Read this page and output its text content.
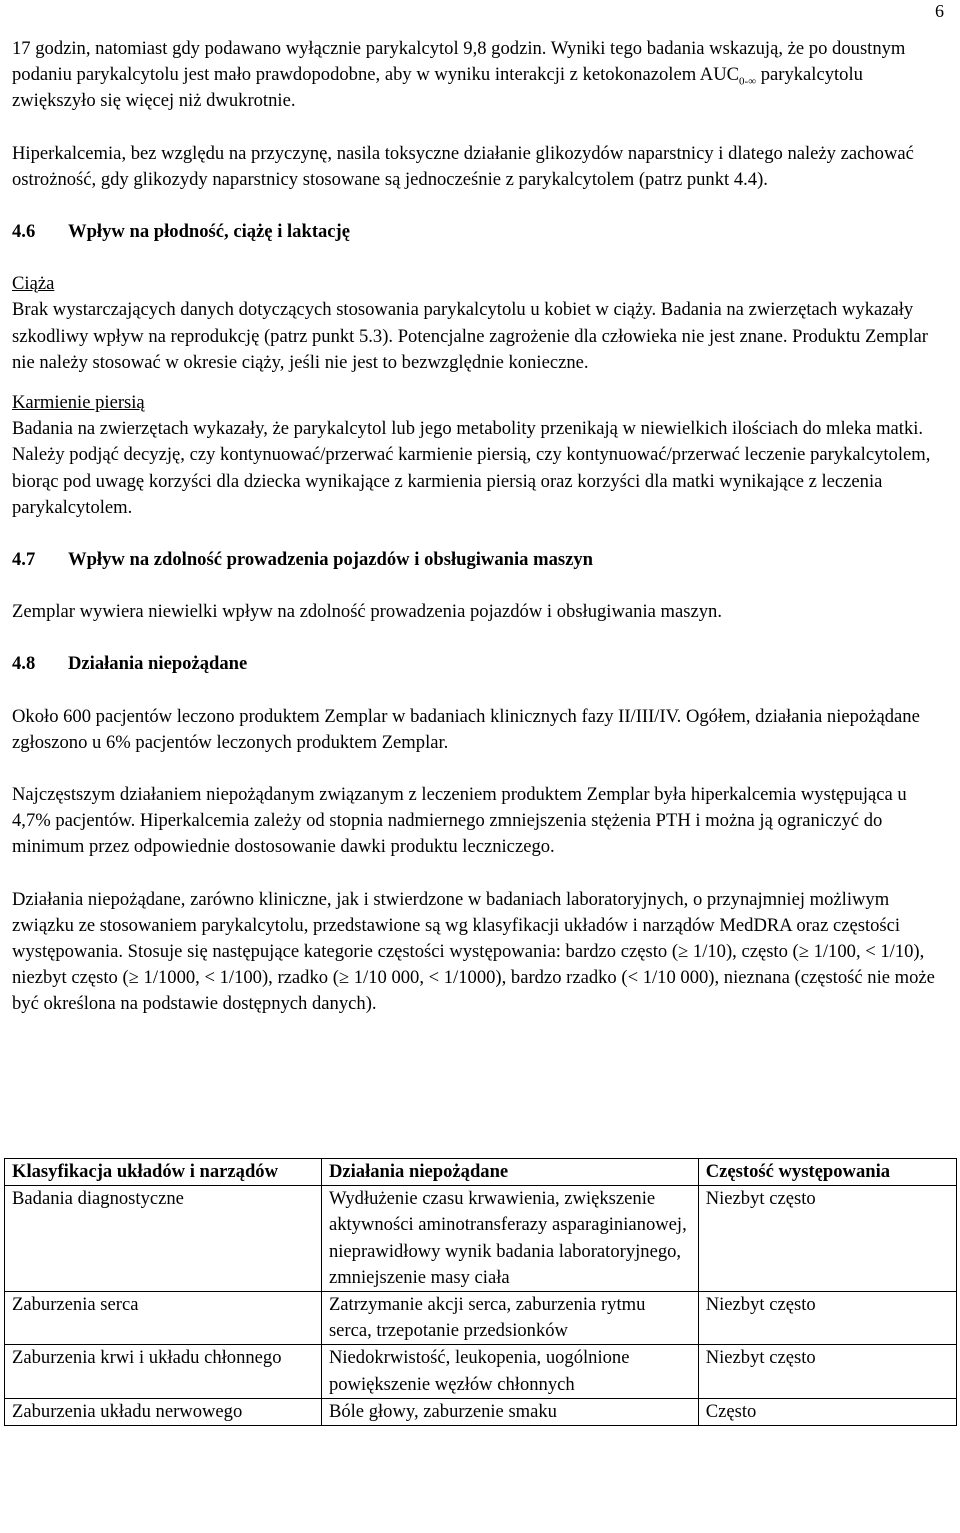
6

17 godzin, natomiast gdy podawano wyłącznie parykalcytol 9,8 godzin. Wyniki tego badania wskazują, że po doustnym podaniu parykalcytolu jest mało prawdopodobne, aby w wyniku interakcji z ketokonazolem $AUC_{0-\infty}$ parykalcytolu zwiększyło się więcej niż dwukrotnie.

Hiperkalcemia, bez względu na przyczynę, nasila toksyczne działanie glikozydów naparstnicy i dlatego należy zachować ostrożność, gdy glikozydy naparstnicy stosowane są jednocześnie z parykalcytolem (patrz punkt 4.4).

4.6 Wpływ na płodność, ciążę i laktację

Ciąża

Brak wystarczających danych dotyczących stosowania parykalcytolu u kobiet w ciąży. Badania na zwierzętach wykazały szkodliwy wpływ na reprodukcję (patrz punkt 5.3). Potencjalne zagrożenie dla człowieka nie jest znane. Produktu Zemplar nie należy stosować w okresie ciąży, jeśli nie jest to bezwzględnie konieczne.

Karmienie piersią

Badania na zwierzętach wykazały, że parykalcytol lub jego metabolity przenikają w niewielkich ilościach do mleka matki. Należy podjąć decyzję, czy kontynuować/przerwać karmienie piersią, czy kontynuować/przerwać leczenie parykalcytolem, biorąc pod uwagę korzyści dla dziecka wynikające z karmienia piersią oraz korzyści dla matki wynikające z leczenia parykalcytolem.

4.7 Wpływ na zdolność prowadzenia pojazdów i obsługiwania maszyn

Zemplar wywiera niewielki wpływ na zdolność prowadzenia pojazdów i obsługiwania maszyn.

4.8 Działania niepożądane

Około 600 pacjentów leczono produktem Zemplar w badaniach klinicznych fazy II/III/IV. Ogółem, działania niepożądane zgłoszono u 6% pacjentów leczonych produktem Zemplar.

Najczęstszym działaniem niepożądanym związanym z leczeniem produktem Zemplar była hiperkalcemia występująca u 4,7% pacjentów. Hiperkalcemia zależy od stopnia nadmiernego zmniejszenia stężenia PTH i można ją ograniczyć do minimum przez odpowiednie dostosowanie dawki produktu leczniczego.

Działania niepożądane, zarówno kliniczne, jak i stwierdzone w badaniach laboratoryjnych, o przynajmniej możliwym związku ze stosowaniem parykalcytolu, przedstawione są wg klasyfikacji układów i narządów MedDRA oraz częstości występowania. Stosuje się następujące kategorie częstości występowania: bardzo często (≥ 1/10), często (≥ 1/100, < 1/10), niezbyt często (≥ 1/1000, < 1/100), rzadko (≥ 1/10 000, < 1/1000), bardzo rzadko (< 1/10 000), nieznana (częstość nie może być określona na podstawie dostępnych danych).

Klasyfikacja układów i narządów	Działania niepożądane	Częstość występowania
Badania diagnostyczne	Wydłużenie czasu krwawienia, zwiększenie aktywności aminotransferazy asparaginianowej, nieprawidłowy wynik badania laboratoryjnego, zmniejszenie masy ciała	Niezbyt często
Zaburzenia serca	Zatrzymanie akcji serca, zaburzenia rytmu serca, trzepotanie przedsionków	Niezbyt często
Zaburzenia krwi i układu chłonnego	Niedokrwistość, leukopenia, uogólnione powiększenie węzłów chłonnych	Niezbyt często
Zaburzenia układu nerwowego	Bóle głowy, zaburzenie smaku	Często
